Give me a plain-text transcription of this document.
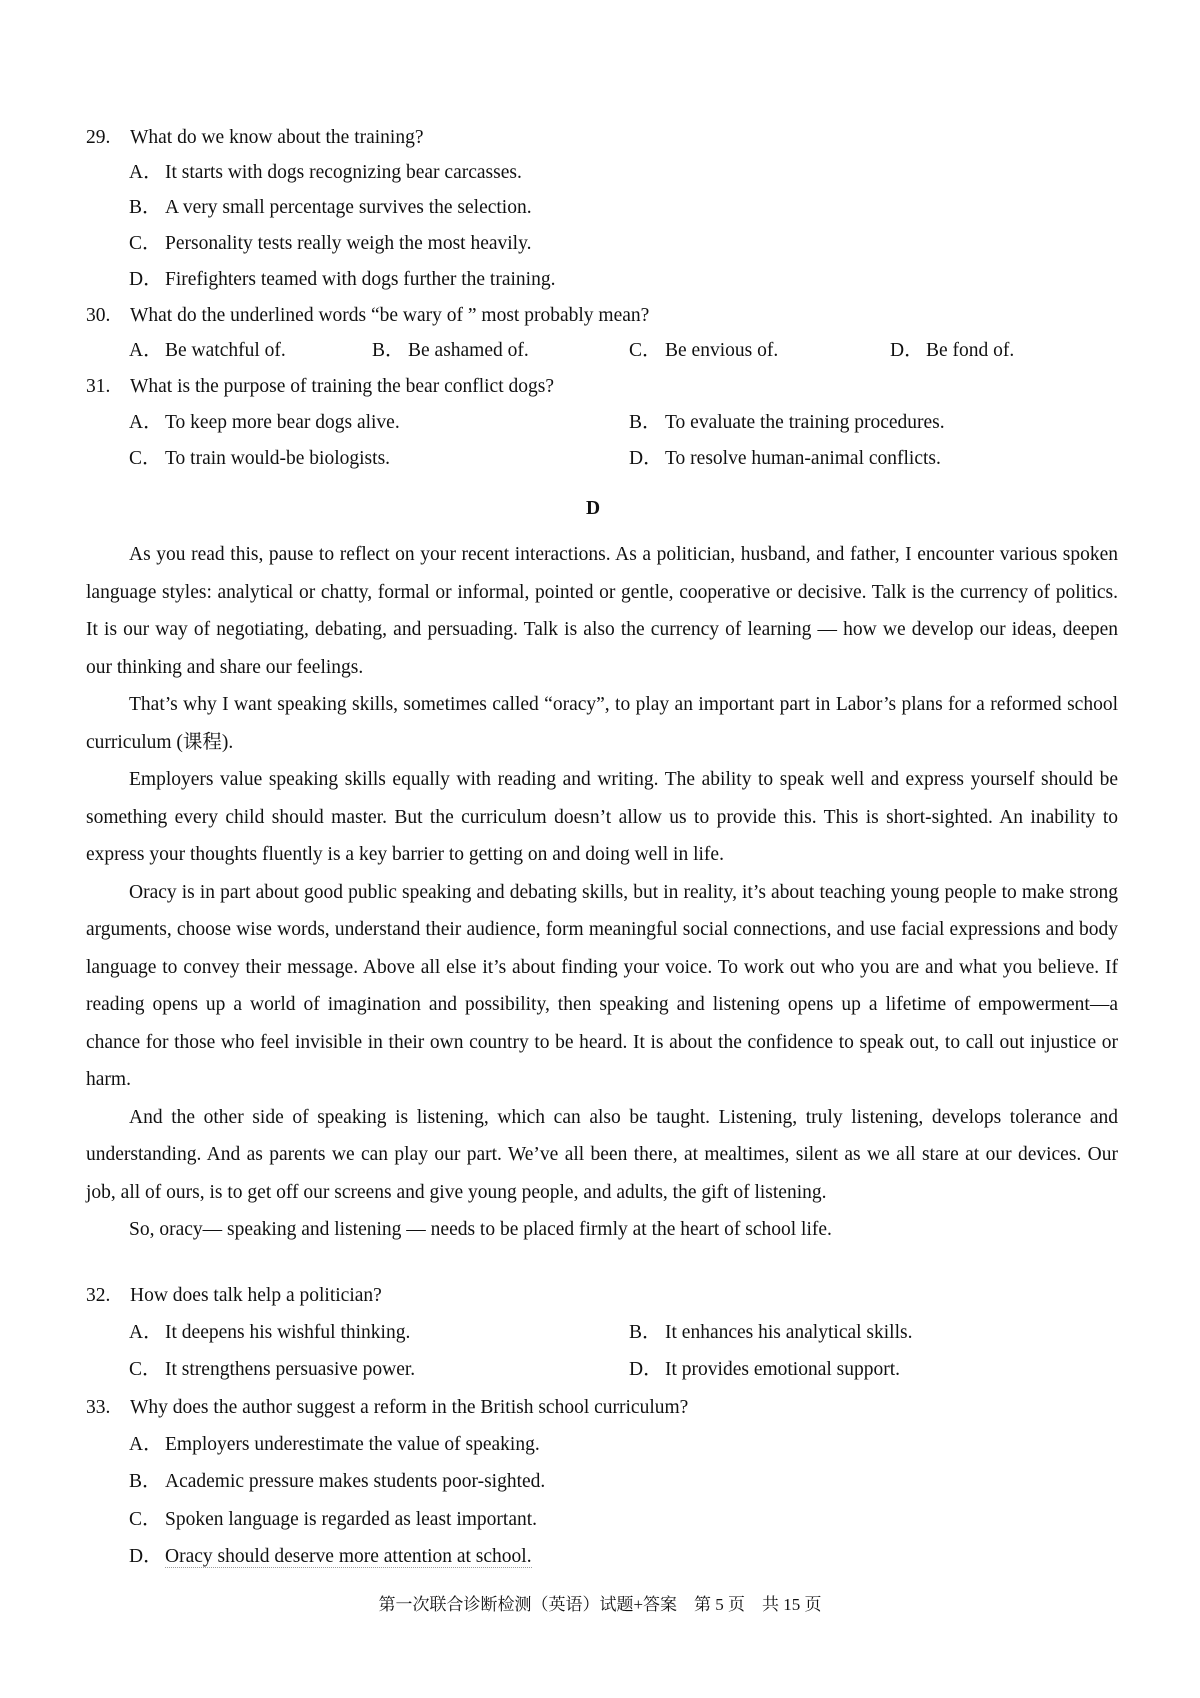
29. What do we know about the training?
A． It starts with dogs recognizing bear carcasses.
B． A very small percentage survives the selection.
C． Personality tests really weigh the most heavily.
D． Firefighters teamed with dogs further the training.
30. What do the underlined words “be wary of ” most probably mean?
A． Be watchful of.	B． Be ashamed of.	C． Be envious of.	D． Be fond of.
31. What is the purpose of training the bear conflict dogs?
A． To keep more bear dogs alive.	B． To evaluate the training procedures.
C． To train would-be biologists.	D． To resolve human-animal conflicts.
D

As you read this, pause to reflect on your recent interactions. As a politician, husband, and father, I encounter various spoken language styles: analytical or chatty, formal or informal, pointed or gentle, cooperative or decisive. Talk is the currency of politics. It is our way of negotiating, debating, and persuading. Talk is also the currency of learning — how we develop our ideas, deepen our thinking and share our feelings.

That’s why I want speaking skills, sometimes called “oracy”, to play an important part in Labor’s plans for a reformed school curriculum (课程).

Employers value speaking skills equally with reading and writing. The ability to speak well and express yourself should be something every child should master. But the curriculum doesn’t allow us to provide this. This is short-sighted. An inability to express your thoughts fluently is a key barrier to getting on and doing well in life.

Oracy is in part about good public speaking and debating skills, but in reality, it’s about teaching young people to make strong arguments, choose wise words, understand their audience, form meaningful social connections, and use facial expressions and body language to convey their message. Above all else it’s about finding your voice. To work out who you are and what you believe. If reading opens up a world of imagination and possibility, then speaking and listening opens up a lifetime of empowerment—a chance for those who feel invisible in their own country to be heard. It is about the confidence to speak out, to call out injustice or harm.

And the other side of speaking is listening, which can also be taught. Listening, truly listening, develops tolerance and understanding. And as parents we can play our part. We’ve all been there, at mealtimes, silent as we all stare at our devices. Our job, all of ours, is to get off our screens and give young people, and adults, the gift of listening.

So, oracy— speaking and listening — needs to be placed firmly at the heart of school life.

32. How does talk help a politician?
A． It deepens his wishful thinking.	B． It enhances his analytical skills.
C． It strengthens persuasive power.	D． It provides emotional support.
33. Why does the author suggest a reform in the British school curriculum?
A． Employers underestimate the value of speaking.
B． Academic pressure makes students poor-sighted.
C． Spoken language is regarded as least important.
D． Oracy should deserve more attention at school.
第一次联合诊断检测（英语）试题+答案　第 5 页　共 15 页
